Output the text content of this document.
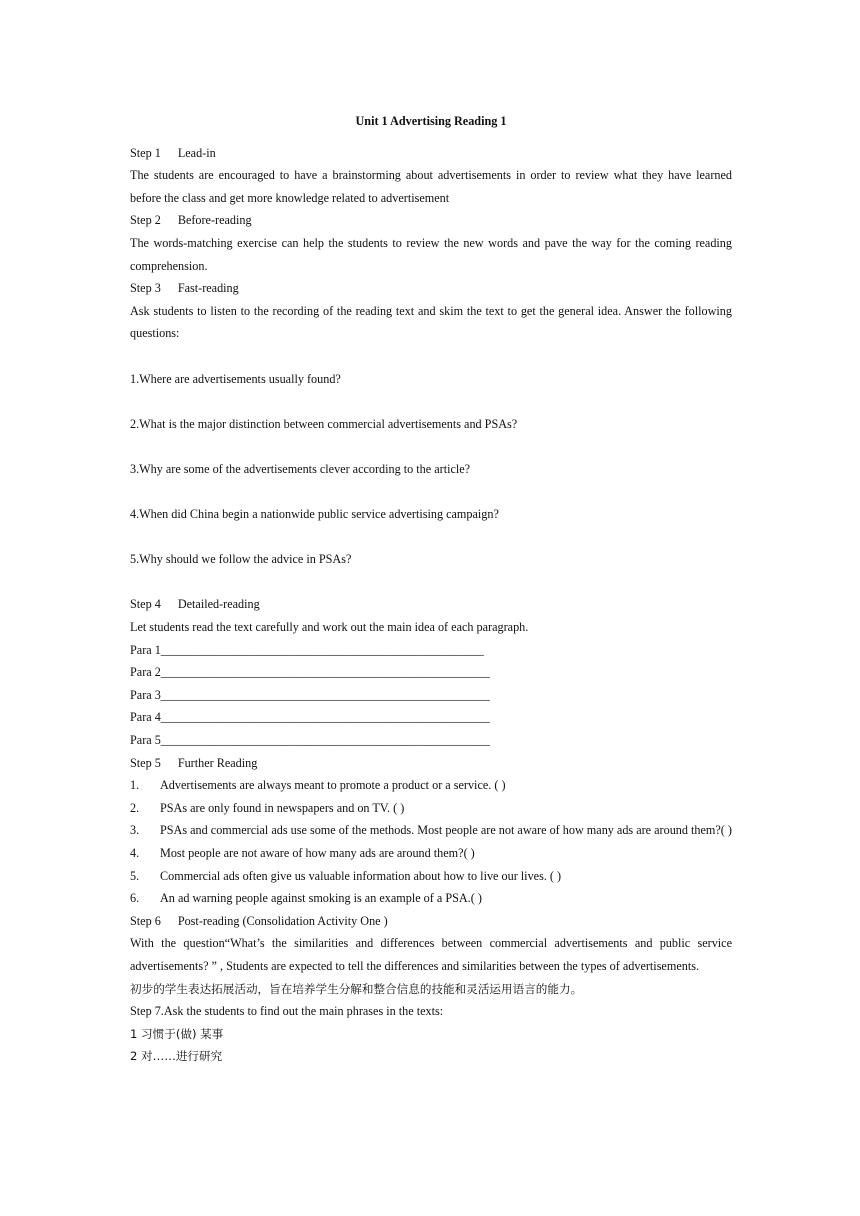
Unit 1 Advertising Reading 1

Step 1 Lead-in

The students are encouraged to have a brainstorming about advertisements in order to review what they have learned before the class and get more knowledge related to advertisement

Step 2 Before-reading

The words-matching exercise can help the students to review the new words and pave the way for the coming reading comprehension.

Step 3 Fast-reading

Ask students to listen to the recording of the reading text and skim the text to get the general idea. Answer the following questions:

1.Where are advertisements usually found?

2.What is the major distinction between commercial advertisements and PSAs?

3.Why are some of the advertisements clever according to the article?

4.When did China begin a nationwide public service advertising campaign?

5.Why should we follow the advice in PSAs?

Step 4 Detailed-reading

Let students read the text carefully and work out the main idea of each paragraph.

Para 1_____________________________________________________

Para 2______________________________________________________

Para 3______________________________________________________

Para 4______________________________________________________

Para 5______________________________________________________

Step 5 Further Reading

1. Advertisements are always meant to promote a product or a service. ( )

2. PSAs are only found in newspapers and on TV. ( )

3. PSAs and commercial ads use some of the methods. Most people are not aware of how many ads are around them?( )

4. Most people are not aware of how many ads are around them?( )

5. Commercial ads often give us valuable information about how to live our lives. ( )

6. An ad warning people against smoking is an example of a PSA.( )

Step 6 Post-reading (Consolidation Activity One )

With the question“What’s the similarities and differences between commercial advertisements and public service advertisements? ” , Students are expected to tell the differences and similarities between the types of advertisements.

初步的学生表达拓展活动，旨在培养学生分解和整合信息的技能和灵活运用语言的能力。

Step 7.Ask the students to find out the main phrases in the texts:

1 习惯于(做) 某事

2 对……进行研究
